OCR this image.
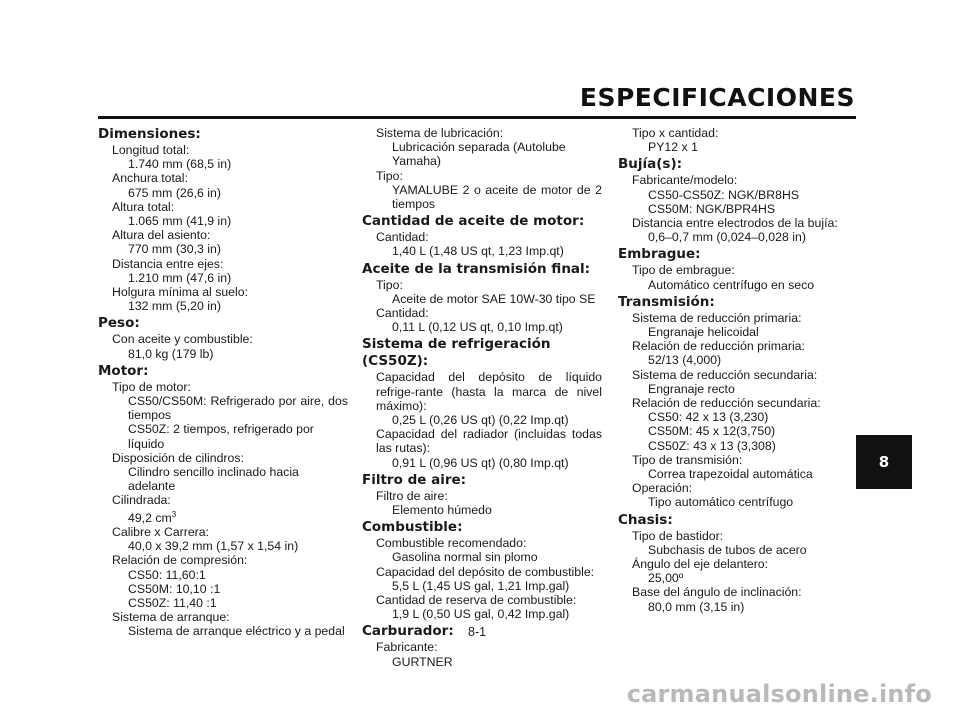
ESPECIFICACIONES
Dimensiones:
Longitud total:
1.740 mm (68,5 in)
Anchura total:
675 mm (26,6 in)
Altura total:
1.065 mm (41,9 in)
Altura del asiento:
770 mm (30,3 in)
Distancia entre ejes:
1.210 mm (47,6 in)
Holgura mínima al suelo:
132 mm (5,20 in)
Peso:
Con aceite y combustible:
81,0 kg (179 lb)
Motor:
Tipo de motor:
CS50/CS50M: Refrigerado por aire, dos tiempos
CS50Z: 2 tiempos, refrigerado por líquido
Disposición de cilindros:
Cilindro sencillo inclinado hacia adelante
Cilindrada:
49,2 $cm^3$
Calibre x Carrera:
40,0 x 39,2 mm (1,57 x 1,54 in)
Relación de compresión:
CS50: 11,60:1
CS50M: 10,10 :1
CS50Z: 11,40 :1
Sistema de arranque:
Sistema de arranque eléctrico y a pedal
Sistema de lubricación:
Lubricación separada (Autolube Yamaha)
Tipo:
YAMALUBE 2 o aceite de motor de 2 tiempos
Cantidad de aceite de motor:
Cantidad:
1,40 L (1,48 US qt, 1,23 Imp.qt)
Aceite de la transmisión final:
Tipo:
Aceite de motor SAE 10W-30 tipo SE
Cantidad:
0,11 L (0,12 US qt, 0,10 Imp.qt)
Sistema de refrigeración (CS50Z):
Capacidad del depósito de líquido refrige-rante (hasta la marca de nivel máximo):
0,25 L (0,26 US qt) (0,22 Imp.qt)
Capacidad del radiador (incluidas todas las rutas):
0,91 L (0,96 US qt) (0,80 Imp.qt)
Filtro de aire:
Filtro de aire:
Elemento húmedo
Combustible:
Combustible recomendado:
Gasolina normal sin plomo
Capacidad del depósito de combustible:
5,5 L (1,45 US gal, 1,21 Imp.gal)
Cantidad de reserva de combustible:
1,9 L (0,50 US gal, 0,42 Imp.gal)
Carburador:
Fabricante:
GURTNER
Tipo x cantidad:
PY12 x 1
Bujía(s):
Fabricante/modelo:
CS50-CS50Z: NGK/BR8HS
CS50M: NGK/BPR4HS
Distancia entre electrodos de la bujía:
0,6–0,7 mm (0,024–0,028 in)
Embrague:
Tipo de embrague:
Automático centrífugo en seco
Transmisión:
Sistema de reducción primaria:
Engranaje helicoidal
Relación de reducción primaria:
52/13 (4,000)
Sistema de reducción secundaria:
Engranaje recto
Relación de reducción secundaria:
CS50: 42 x 13 (3,230)
CS50M: 45 x 12(3,750)
CS50Z: 43 x 13 (3,308)
Tipo de transmisión:
Correa trapezoidal automática
Operación:
Tipo automático centrífugo
Chasis:
Tipo de bastidor:
Subchasis de tubos de acero
Ángulo del eje delantero:
25,00º
Base del ángulo de inclinación:
80,0 mm (3,15 in)
8
8-1
carmanualsonline.info
